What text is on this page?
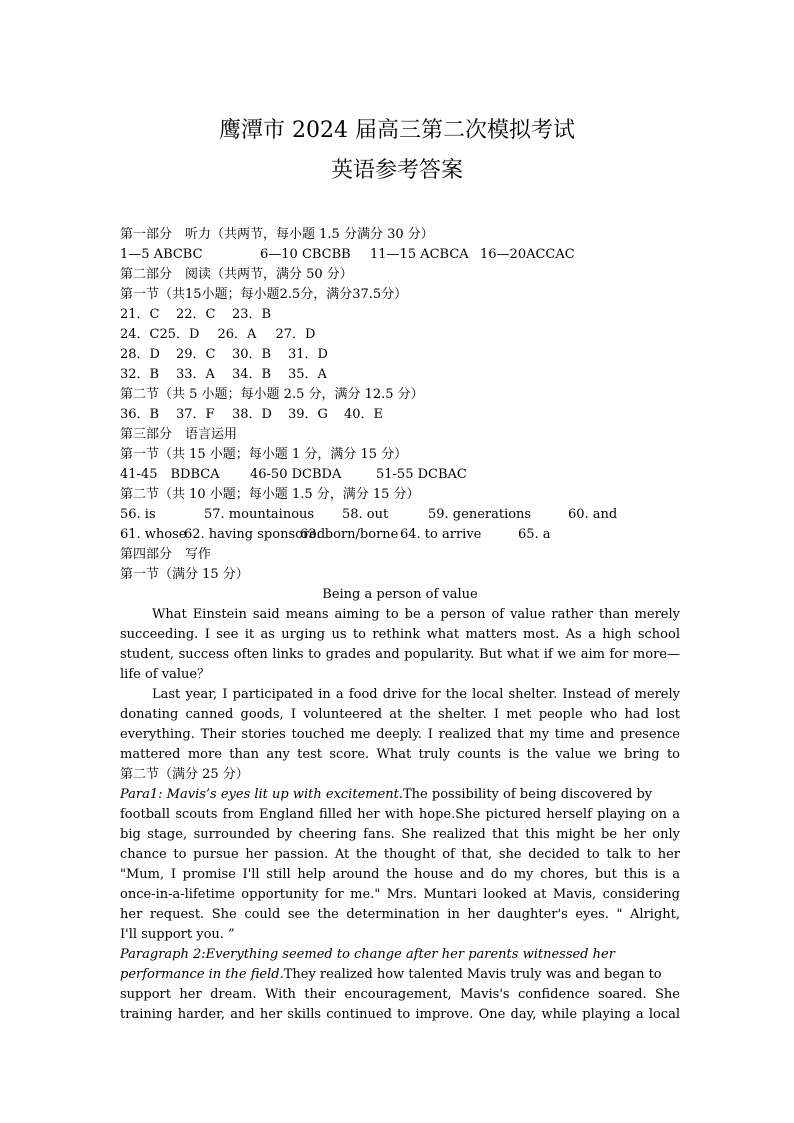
鹰潭市 2024 届高三第二次模拟考试
英语参考答案
第一部分　听力（共两节，每小题 1.5 分满分 30 分）
1—5 ABCBC	6—10 CBCBB 11—15 ACBCA 16—20ACCAC
第二部分　阅读（共两节，满分 50 分）
第一节（共15小题；每小题2.5分，满分37.5分）
21．C 22．C 23．B
24．C25．D 26．A 27．D
28．D 29．C 30．B 31．D
32．B 33．A 34．B 35．A
第二节（共 5 小题；每小题 2.5 分，满分 12.5 分）
36．B 37．F 38．D 39．G 40．E
第三部分　语言运用
第一节（共 15 小题；每小题 1 分，满分 15 分）
41-45　BDBCA 46-50 DCBDA	51-55 DCBAC
第二节（共 10 小题；每小题 1.5 分，满分 15 分）
56. is	57. mountainous 58. out	59. generations	60. and
61. whose62. having sponsored63. born/borne 64. to arrive	65. a
第四部分　写作
第一节（满分 15 分）
Being a person of value
What Einstein said means aiming to be a person of value rather than merely
succeeding. I see it as urging us to rethink what matters most. As a high school
student, success often links to grades and popularity. But what if we aim for more—
life of value？
Last year, I participated in a food drive for the local shelter. Instead of merely
donating canned goods, I volunteered at the shelter. I met people who had lost
everything. Their stories touched me deeply. I realized that my time and presence
mattered more than any test score. What truly counts is the value we bring to
第二节（满分 25 分）
Para1: Mavis’s eyes lit up with excitement.The possibility of being discovered by
football scouts from England filled her with hope.She pictured herself playing on a
big stage, surrounded by cheering fans. She realized that this might be her only
chance to pursue her passion. At the thought of that, she decided to talk to her
"Mum, I promise I'll still help around the house and do my chores, but this is a
once-in-a-lifetime opportunity for me." Mrs. Muntari looked at Mavis, considering
her request. She could see the determination in her daughter's eyes. " Alright,
I'll support you. ”
Paragraph 2:Everything seemed to change after her parents witnessed her
performance in the field.They realized how talented Mavis truly was and began to
support her dream. With their encouragement, Mavis's confidence soared. She
training harder, and her skills continued to improve. One day, while playing a local
